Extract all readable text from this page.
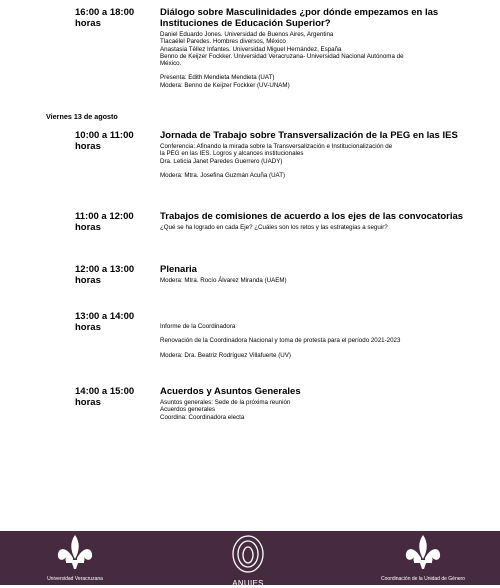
16:00 a 18:00
horas
Diálogo sobre Masculinidades ¿por dónde empezamos en las
Instituciones de Educación Superior?
Daniel Eduardo Jones. Universidad de Buenos Aires, Argentina
Tlacaélel Paredes. Hombres diversos, México
Anastasia Téllez Infantes. Universidad Miguel Hernández, España
Benno de Keijzer Fockker. Universidad Veracruzana- Universidad Nacional Autónoma de
México.
Presenta: Edith Mendieta Mendieta (UAT)
Modera: Benno de Keijzer Fockker (UV-UNAM)
Viernes 13 de agosto
10:00 a 11:00
horas
Jornada de Trabajo sobre Transversalización de la PEG en las IES
Conferencia: Afinando la mirada sobre la Transversalización e Institucionalización de
la PEG en las IES. Logros y alcances institucionales
Dra. Leticia Janet Paredes Guerrero (UADY)
Modera: Mtra. Josefina Guzmán Acuña (UAT)
11:00 a 12:00
horas
Trabajos de comisiones de acuerdo a los ejes de las convocatorias
¿Qué se ha logrado en cada Eje? ¿Cuáles son los retos y las estrategias a seguir?
12:00 a 13:00
horas
Plenaria
Modera: Mtra. Rocío Álvarez Miranda (UAEM)
13:00 a 14:00
horas	Informe de la Coordinadora
Renovación de la Coordinadora Nacional y toma de protesta para el período 2021-2023
Modera: Dra. Beatriz Rodríguez Villafuerte (UV)
14:00 a 15:00
horas
Acuerdos y Asuntos Generales
Asuntos generales: Sede de la próxima reunión
Acuerdos generales
Coordina: Coordinadora electa
Universidad Veracruzana	ANUIES	Coordinación de la Unidad de Género
